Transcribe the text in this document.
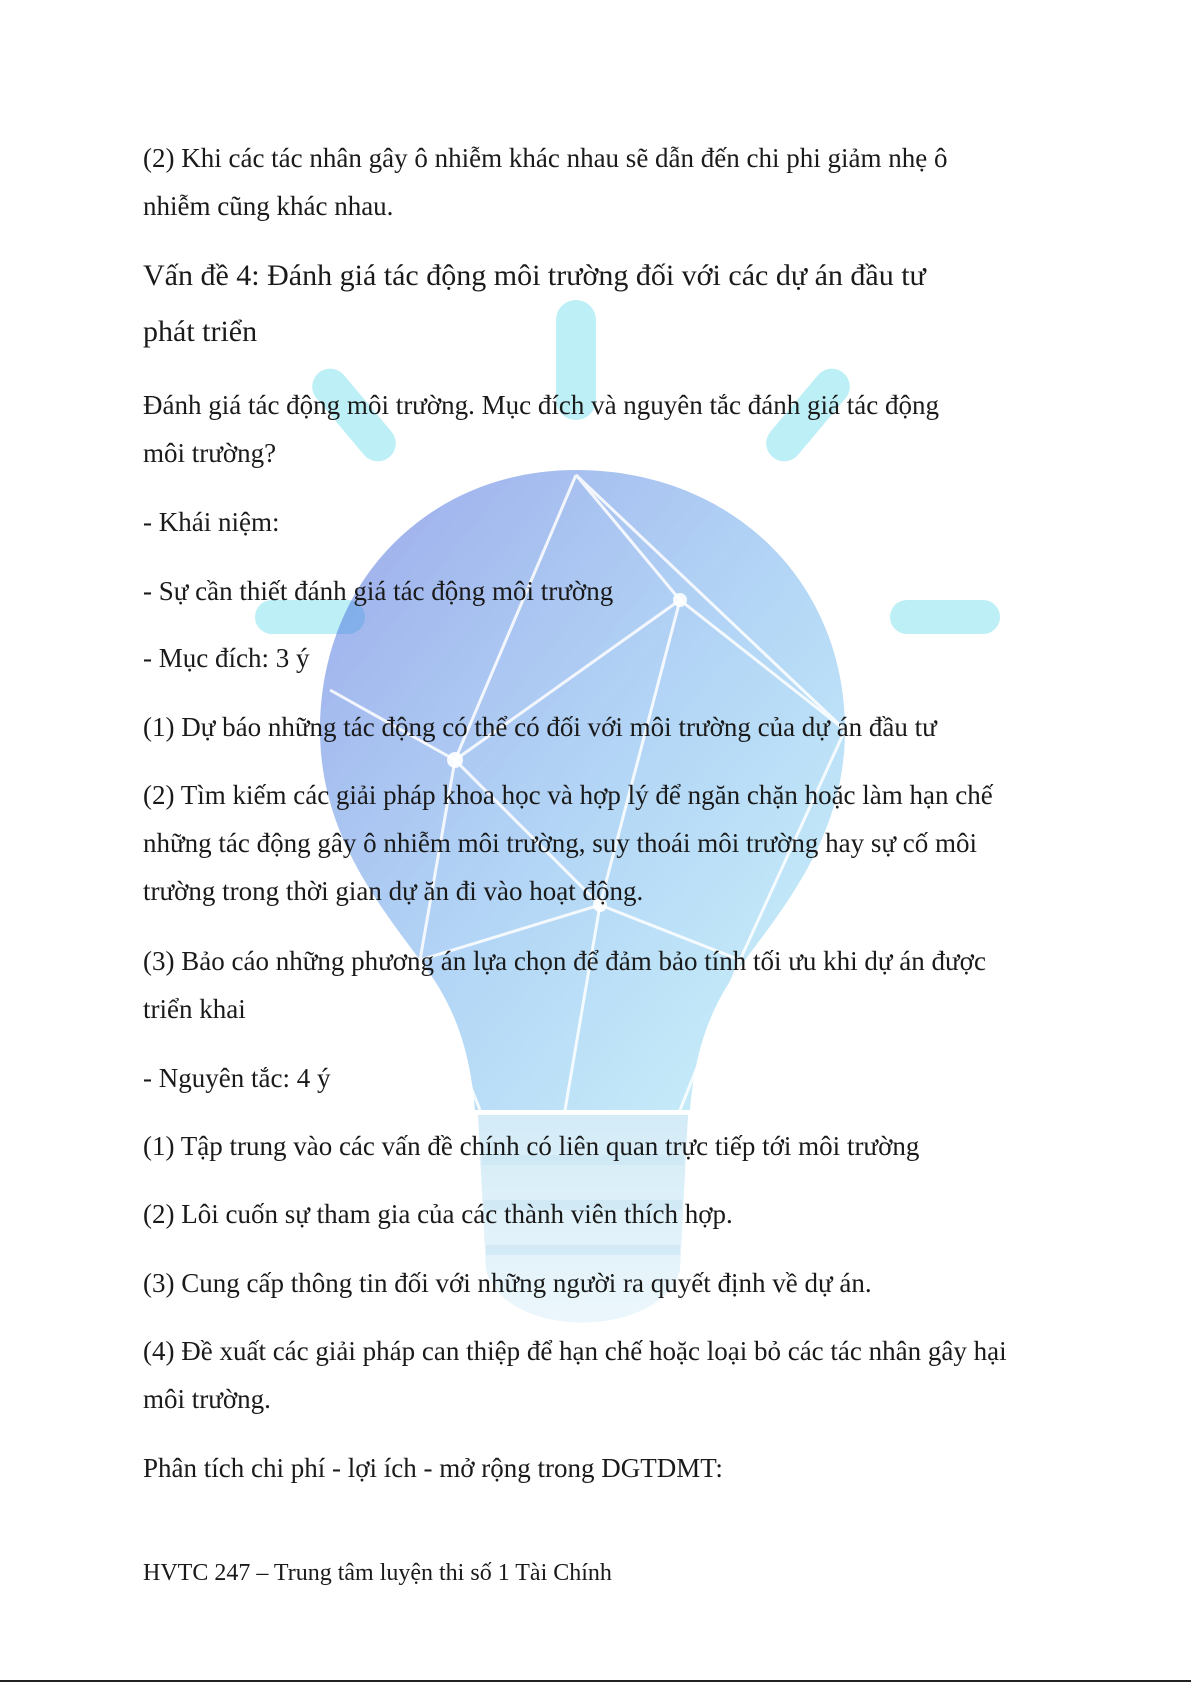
(2) Khi các tác nhân gây ô nhiễm khác nhau sẽ dẫn đến chi phi giảm nhẹ ô

nhiễm cũng khác nhau.

Vấn đề 4: Đánh giá tác động môi trường đối với các dự án đầu tư

phát triển

Đánh giá tác động môi trường. Mục đích và nguyên tắc đánh giá tác động

môi trường?

- Khái niệm:

- Sự cần thiết đánh giá tác động môi trường

- Mục đích: 3 ý

(1) Dự báo những tác động có thể có đối với môi trường của dự án đầu tư

(2) Tìm kiếm các giải pháp khoa học và hợp lý để ngăn chặn hoặc làm hạn chế

những tác động gây ô nhiễm môi trường, suy thoái môi trường hay sự cố môi

trường trong thời gian dự ăn đi vào hoạt động.

(3) Bảo cáo những phương án lựa chọn để đảm bảo tính tối ưu khi dự án được

triển khai

- Nguyên tắc: 4 ý

(1) Tập trung vào các vấn đề chính có liên quan trực tiếp tới môi trường

(2) Lôi cuốn sự tham gia của các thành viên thích hợp.

(3) Cung cấp thông tin đối với những người ra quyết định về dự án.

(4) Đề xuất các giải pháp can thiệp để hạn chế hoặc loại bỏ các tác nhân gây hại

môi trường.

Phân tích chi phí - lợi ích - mở rộng trong DGTDMT:

HVTC 247 – Trung tâm luyện thi số 1 Tài Chính
